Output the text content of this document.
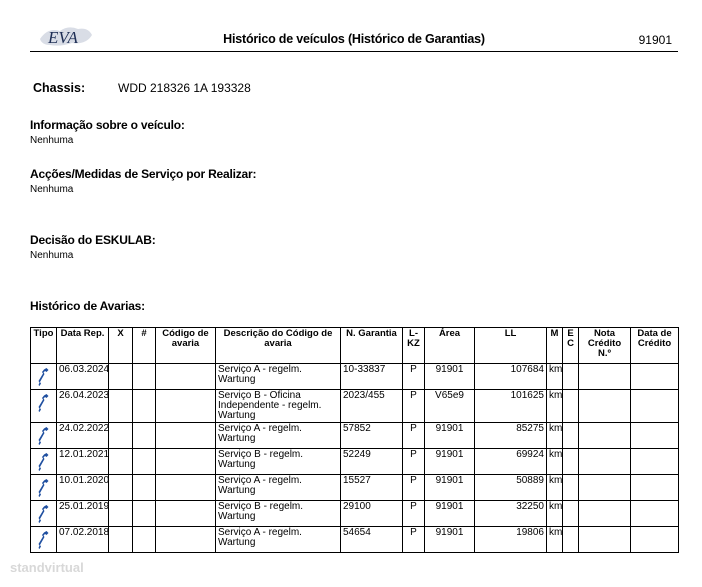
EVA	Histórico de veículos (Histórico de Garantias)	91901
Chassis:	WDD 218326 1A 193328
Informação sobre o veículo:
Nenhuma
Acções/Medidas de Serviço por Realizar:
Nenhuma
Decisão do ESKULAB:
Nenhuma
Histórico de Avarias:
Tipo	Data Rep.	X	#	Código de avaria	Descrição do Código de avaria	N. Garantia	L-KZ	Área	LL	M	E C	Nota Crédito N.º	Data de Crédito

	06.03.2024				Serviço A - regelm. Wartung	10-33837	P	91901	107684	km			

	26.04.2023				Serviço B - Oficina Independente - regelm. Wartung	2023/455	P	V65e9	101625	km			

	24.02.2022				Serviço A - regelm. Wartung	57852	P	91901	85275	km			

	12.01.2021				Serviço B - regelm. Wartung	52249	P	91901	69924	km			

	10.01.2020				Serviço A - regelm. Wartung	15527	P	91901	50889	km			

	25.01.2019				Serviço B - regelm. Wartung	29100	P	91901	32250	km			

	07.02.2018				Serviço A - regelm. Wartung	54654	P	91901	19806	km			
standvirtual
